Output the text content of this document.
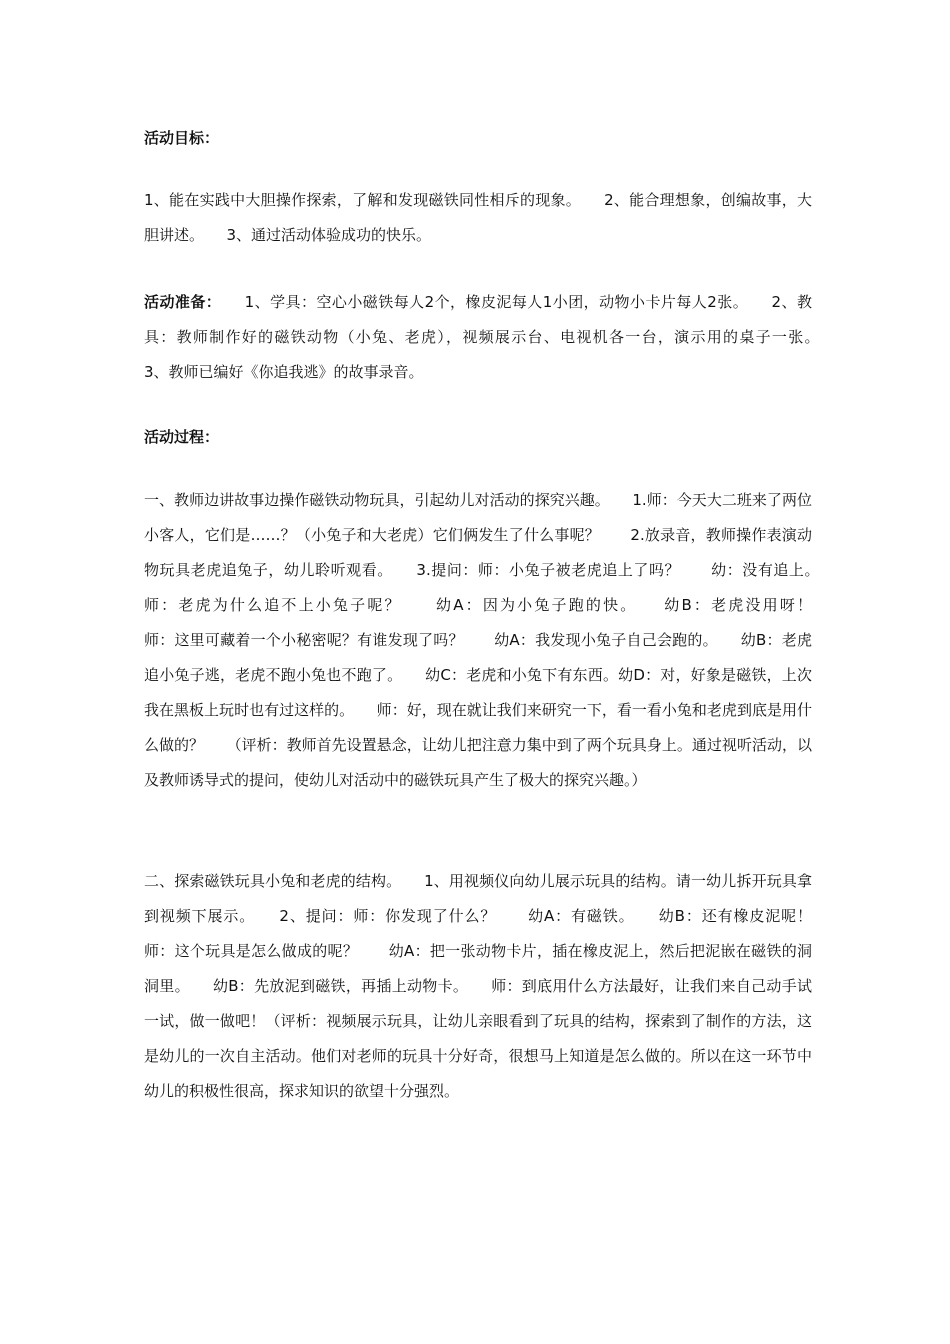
活动目标：
1、能在实践中大胆操作探索，了解和发现磁铁同性相斥的现象。　　2、能合理想象，创编故事，大胆讲述。　　3、通过活动体验成功的快乐。
活动准备：　　1、学具：空心小磁铁每人2个，橡皮泥每人1小团，动物小卡片每人2张。　　2、教具：教师制作好的磁铁动物（小兔、老虎），视频展示台、电视机各一台，演示用的桌子一张。　　3、教师已编好《你追我逃》的故事录音。
活动过程：
一、教师边讲故事边操作磁铁动物玩具，引起幼儿对活动的探究兴趣。　　1.师：今天大二班来了两位小客人，它们是……？（小兔子和大老虎）它们俩发生了什么事呢？　　2.放录音，教师操作表演动物玩具老虎追兔子，幼儿聆听观看。　　3.提问：师：小兔子被老虎追上了吗？　　幼：没有追上。　　师：老虎为什么追不上小兔子呢？　　幼A：因为小兔子跑的快。　　幼B：老虎没用呀！　　　　　　师：这里可藏着一个小秘密呢？有谁发现了吗？　　幼A：我发现小兔子自己会跑的。　　幼B：老虎追小兔子逃，老虎不跑小兔也不跑了。　　幼C：老虎和小兔下有东西。幼D：对，好象是磁铁，上次我在黑板上玩时也有过这样的。　　师：好，现在就让我们来研究一下，看一看小兔和老虎到底是用什么做的？　　（评析：教师首先设置悬念，让幼儿把注意力集中到了两个玩具身上。通过视听活动，以及教师诱导式的提问，使幼儿对活动中的磁铁玩具产生了极大的探究兴趣。）
二、探索磁铁玩具小兔和老虎的结构。　　1、用视频仪向幼儿展示玩具的结构。请一幼儿拆开玩具拿到视频下展示。　　2、提问：师：你发现了什么？　　幼A：有磁铁。　　幼B：还有橡皮泥呢！　　师：这个玩具是怎么做成的呢？　　幼A：把一张动物卡片，插在橡皮泥上，然后把泥嵌在磁铁的洞洞里。　　幼B：先放泥到磁铁，再插上动物卡。　　师：到底用什么方法最好，让我们来自己动手试一试，做一做吧！（评析：视频展示玩具，让幼儿亲眼看到了玩具的结构，探索到了制作的方法，这是幼儿的一次自主活动。他们对老师的玩具十分好奇，很想马上知道是怎么做的。所以在这一环节中幼儿的积极性很高，探求知识的欲望十分强烈。
